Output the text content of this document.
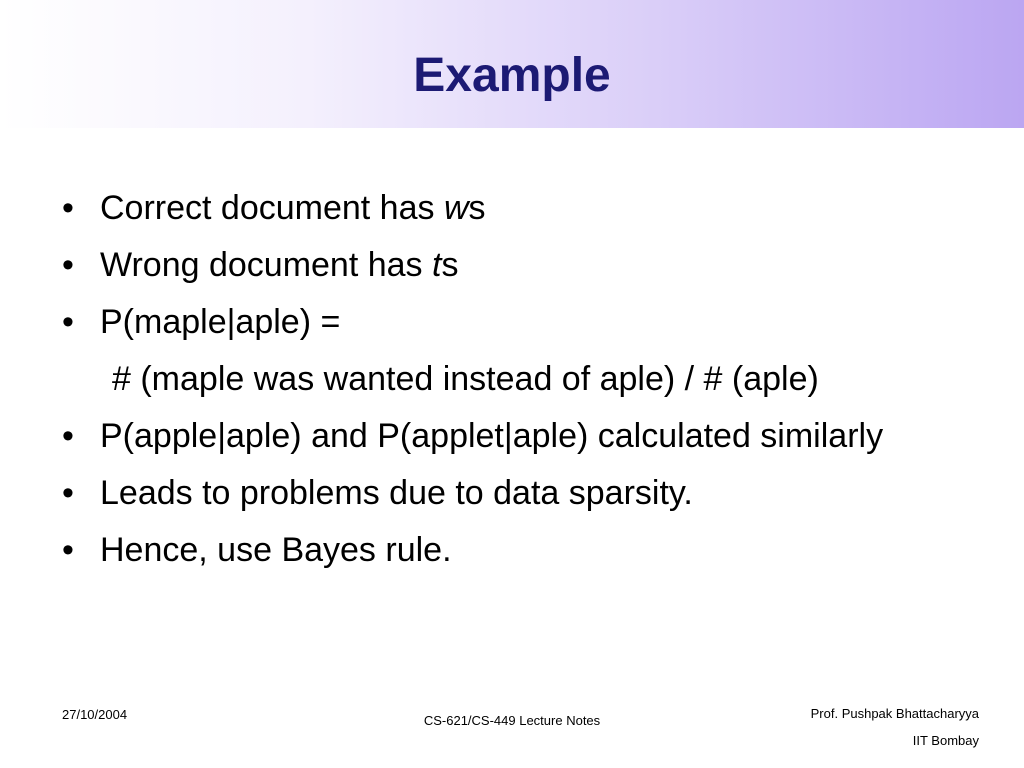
Example
• Correct document has ws
• Wrong document has ts
• P(maple|aple) =
# (maple was wanted instead of aple) / # (aple)
• P(apple|aple) and P(applet|aple) calculated similarly
• Leads to problems due to data sparsity.
• Hence, use Bayes rule.
27/10/2004	CS-621/CS-449 Lecture Notes	Prof. Pushpak Bhattacharyya
IIT Bombay
